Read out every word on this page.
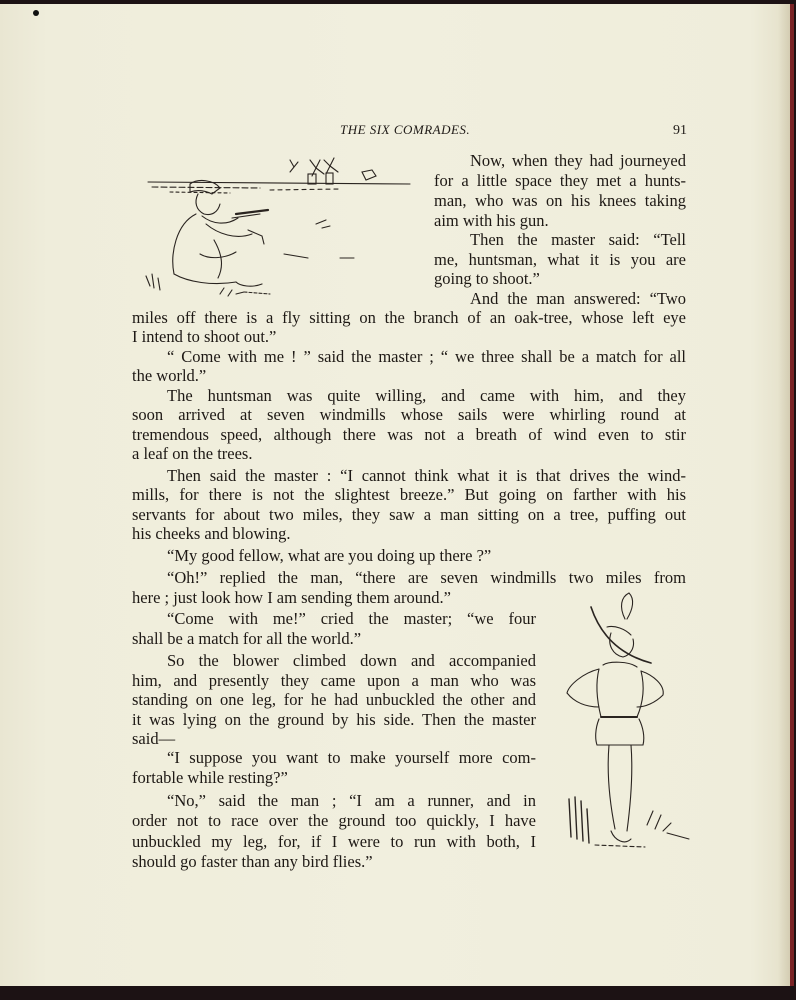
THE SIX COMRADES.	91

Now, when they had journeyed

for a little space they met a hunts-

man, who was on his knees taking

aim with his gun.

Then the master said: “Tell

me, huntsman, what it is you are

going to shoot.”

And the man answered: “Two

miles off there is a fly sitting on the branch of an oak-tree, whose left eye

I intend to shoot out.”

“ Come with me ! ” said the master ; “ we three shall be a match for all

the world.”

The huntsman was quite willing, and came with him, and they

soon arrived at seven windmills whose sails were whirling round at

tremendous speed, although there was not a breath of wind even to stir

a leaf on the trees.

Then said the master : “I cannot think what it is that drives the wind-

mills, for there is not the slightest breeze.” But going on farther with his

servants for about two miles, they saw a man sitting on a tree, puffing out

his cheeks and blowing.

“My good fellow, what are you doing up there ?”

“Oh!” replied the man, “there are seven windmills two miles from

here ; just look how I am sending them around.”

“Come with me!” cried the master; “we four

shall be a match for all the world.”

So the blower climbed down and accompanied

him, and presently they came upon a man who was

standing on one leg, for he had unbuckled the other and

it was lying on the ground by his side. Then the master

said—

“I suppose you want to make yourself more com-

fortable while resting?”

“No,” said the man ; “I am a runner, and in

order not to race over the ground too quickly, I have

unbuckled my leg, for, if I were to run with both, I

should go faster than any bird flies.”
